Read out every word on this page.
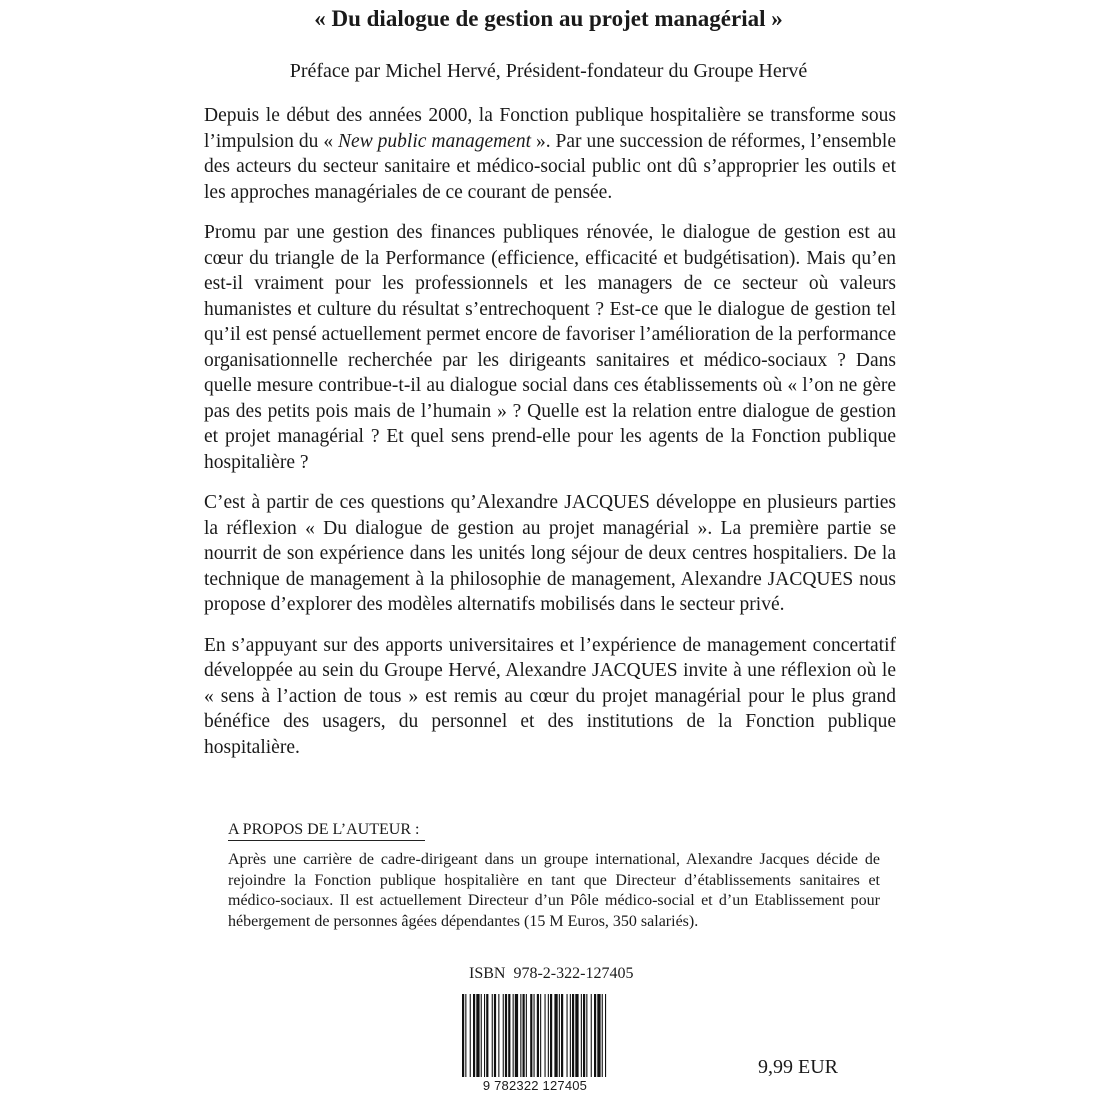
« Du dialogue de gestion au projet managérial »
Préface par Michel Hervé, Président-fondateur du Groupe Hervé

Depuis le début des années 2000, la Fonction publique hospitalière se transforme sous l’impulsion du « New public management ». Par une succession de réformes, l’ensemble des acteurs du secteur sanitaire et médico-social public ont dû s’approprier les outils et les approches managériales de ce courant de pensée.

Promu par une gestion des finances publiques rénovée, le dialogue de gestion est au cœur du triangle de la Performance (efficience, efficacité et budgétisation). Mais qu’en est-il vraiment pour les professionnels et les managers de ce secteur où valeurs humanistes et culture du résultat s’entrechoquent ? Est-ce que le dialogue de gestion tel qu’il est pensé actuellement permet encore de favoriser l’amélioration de la performance organisationnelle recherchée par les dirigeants sanitaires et médico-sociaux ? Dans quelle mesure contribue-t-il au dialogue social dans ces établissements où « l’on ne gère pas des petits pois mais de l’humain » ? Quelle est la relation entre dialogue de gestion et projet managérial ? Et quel sens prend-elle pour les agents de la Fonction publique hospitalière ?

C’est à partir de ces questions qu’Alexandre JACQUES développe en plusieurs parties la réflexion « Du dialogue de gestion au projet managérial ». La première partie se nourrit de son expérience dans les unités long séjour de deux centres hospitaliers. De la technique de management à la philosophie de management, Alexandre JACQUES nous propose d’explorer des modèles alternatifs mobilisés dans le secteur privé.

En s’appuyant sur des apports universitaires et l’expérience de management concertatif développée au sein du Groupe Hervé, Alexandre JACQUES invite à une réflexion où le « sens à l’action de tous » est remis au cœur du projet managérial pour le plus grand bénéfice des usagers, du personnel et des institutions de la Fonction publique hospitalière.

A PROPOS DE L’AUTEUR :
Après une carrière de cadre-dirigeant dans un groupe international, Alexandre Jacques décide de rejoindre la Fonction publique hospitalière en tant que Directeur d’établissements sanitaires et médico-sociaux. Il est actuellement Directeur d’un Pôle médico-social et d’un Etablissement pour hébergement de personnes âgées dépendantes (15 M Euros, 350 salariés).
ISBN 978-2-322-127405
9 782322 127405
9,99 EUR
